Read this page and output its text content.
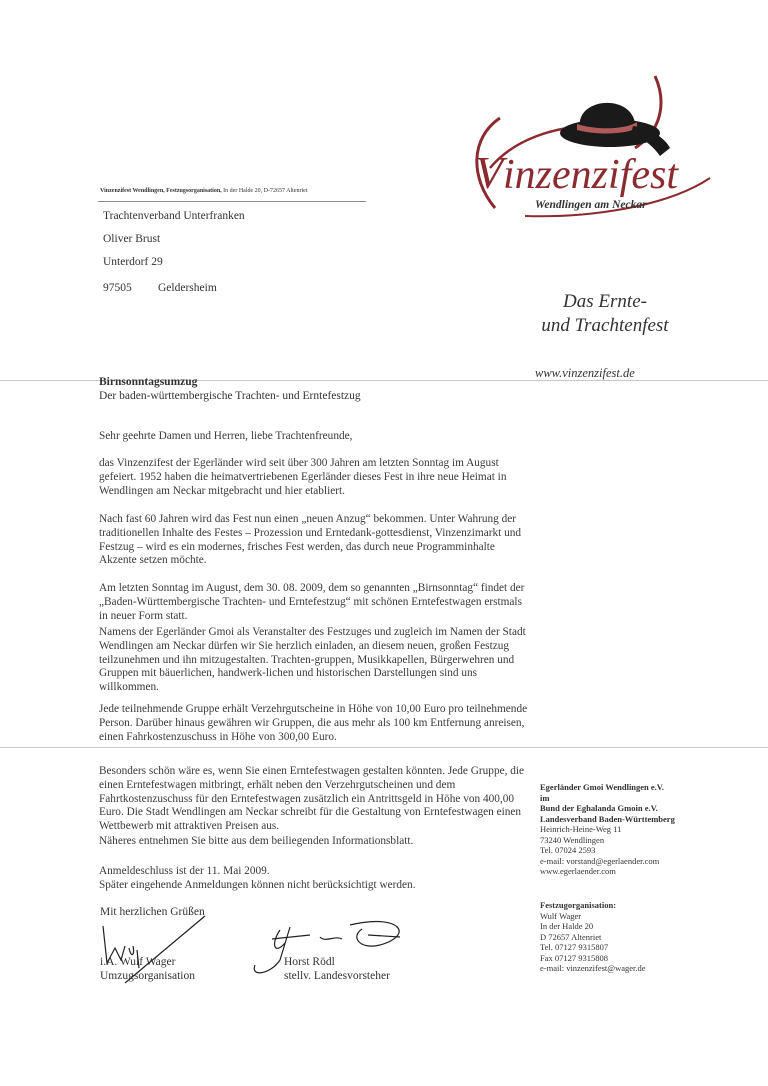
Vinzenzifest Wendlingen, Festzugsorganisation, In der Halde 20, D-72657 Altenriet
Trachtenverband Unterfranken
Oliver Brust
Unterdorf 29
97505 Geldersheim
V inzenzifest
Wendlingen am Neckar
Das Ernte-
und Trachtenfest
www.vinzenzifest.de
Birnsonntagsumzug
Der baden-württembergische Trachten- und Erntefestzug
Sehr geehrte Damen und Herren, liebe Trachtenfreunde,
das Vinzenzifest der Egerländer wird seit über 300 Jahren am letzten Sonntag im August gefeiert. 1952 haben die heimatvertriebenen Egerländer dieses Fest in ihre neue Heimat in Wendlingen am Neckar mitgebracht und hier etabliert.
Nach fast 60 Jahren wird das Fest nun einen „neuen Anzug“ bekommen. Unter Wahrung der traditionellen Inhalte des Festes – Prozession und Erntedank-gottesdienst, Vinzenzimarkt und Festzug – wird es ein modernes, frisches Fest werden, das durch neue Programminhalte Akzente setzen möchte.
Am letzten Sonntag im August, dem 30. 08. 2009, dem so genannten „Birnsonntag“ findet der „Baden-Württembergische Trachten- und Erntefestzug“ mit schönen Erntefestwagen erstmals in neuer Form statt.
Namens der Egerländer Gmoi als Veranstalter des Festzuges und zugleich im Namen der Stadt Wendlingen am Neckar dürfen wir Sie herzlich einladen, an diesem neuen, großen Festzug teilzunehmen und ihn mitzugestalten. Trachten-gruppen, Musikkapellen, Bürgerwehren und Gruppen mit bäuerlichen, handwerk-lichen und historischen Darstellungen sind uns willkommen.
Jede teilnehmende Gruppe erhält Verzehrgutscheine in Höhe von 10,00 Euro pro teilnehmende Person. Darüber hinaus gewähren wir Gruppen, die aus mehr als 100 km Entfernung anreisen, einen Fahrkostenzuschuss in Höhe von 300,00 Euro.
Besonders schön wäre es, wenn Sie einen Erntefestwagen gestalten könnten. Jede Gruppe, die einen Erntefestwagen mitbringt, erhält neben den Verzehrgutscheinen und dem Fahrtkostenzuschuss für den Erntefestwagen zusätzlich ein Antrittsgeld in Höhe von 400,00 Euro. Die Stadt Wendlingen am Neckar schreibt für die Gestaltung von Erntefestwagen einen Wettbewerb mit attraktiven Preisen aus.
Näheres entnehmen Sie bitte aus dem beiliegenden Informationsblatt.
Anmeldeschluss ist der 11. Mai 2009.
Später eingehende Anmeldungen können nicht berücksichtigt werden.
Mit herzlichen Grüßen
i.A. Wulf Wager
Umzugsorganisation
Horst Rödl
stellv. Landesvorsteher
Egerländer Gmoi Wendlingen e.V.
im
Bund der Eghalanda Gmoin e.V.
Landesverband Baden-Württemberg
Heinrich-Heine-Weg 11
73240 Wendlingen
Tel. 07024 2593
e-mail: vorstand@egerlaender.com
www.egerlaender.com
Festzugorganisation:
Wulf Wager
In der Halde 20
D 72657 Altenriet
Tel. 07127 9315807
Fax 07127 9315808
e-mail: vinzenzifest@wager.de
